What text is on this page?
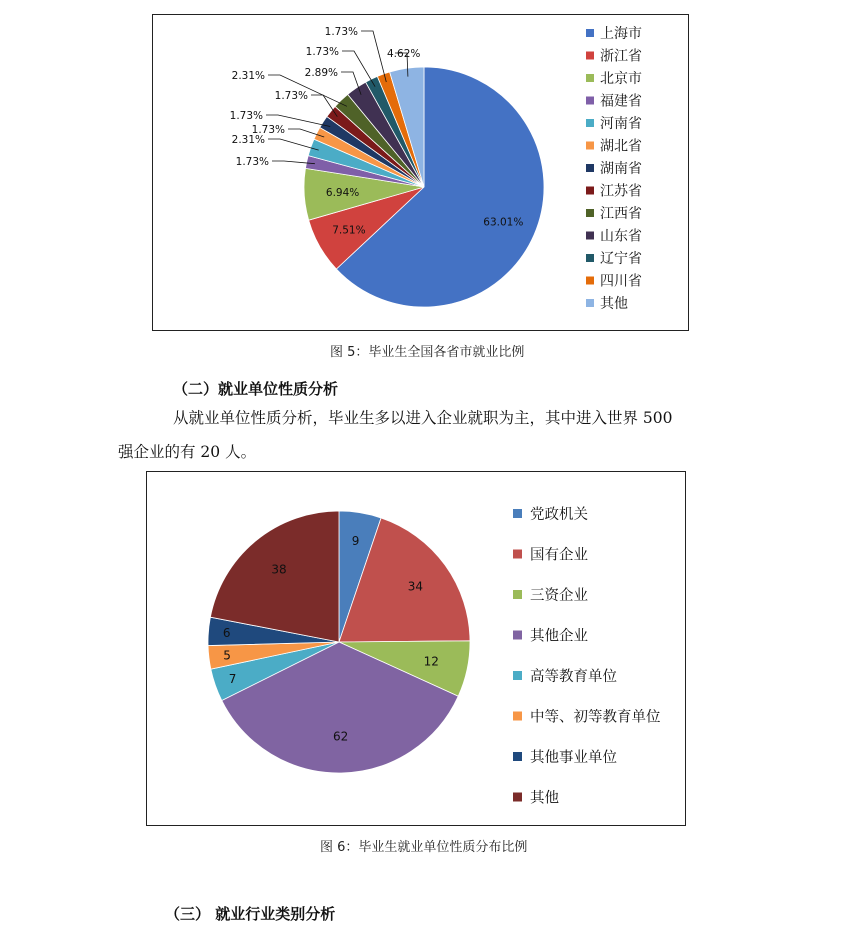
63.01%
7.51%
6.94%
1.73%
2.31%
1.73%
1.73%
1.73%
2.31%	2.89%
1.73%
1.73%
4.62%
上海市
浙江省
北京市
福建省
河南省
湖北省
湖南省
江苏省
江西省
山东省
辽宁省
四川省
其他
图 5：毕业生全国各省市就业比例
（二）就业单位性质分析
从就业单位性质分析，毕业生多以进入企业就职为主，其中进入世界 500
强企业的有 20 人。
9
34
12
62
7
5
6
38
党政机关
国有企业
三资企业
其他企业
高等教育单位
中等、初等教育单位
其他事业单位
其他
图 6：毕业生就业单位性质分布比例
（三） 就业行业类别分析
